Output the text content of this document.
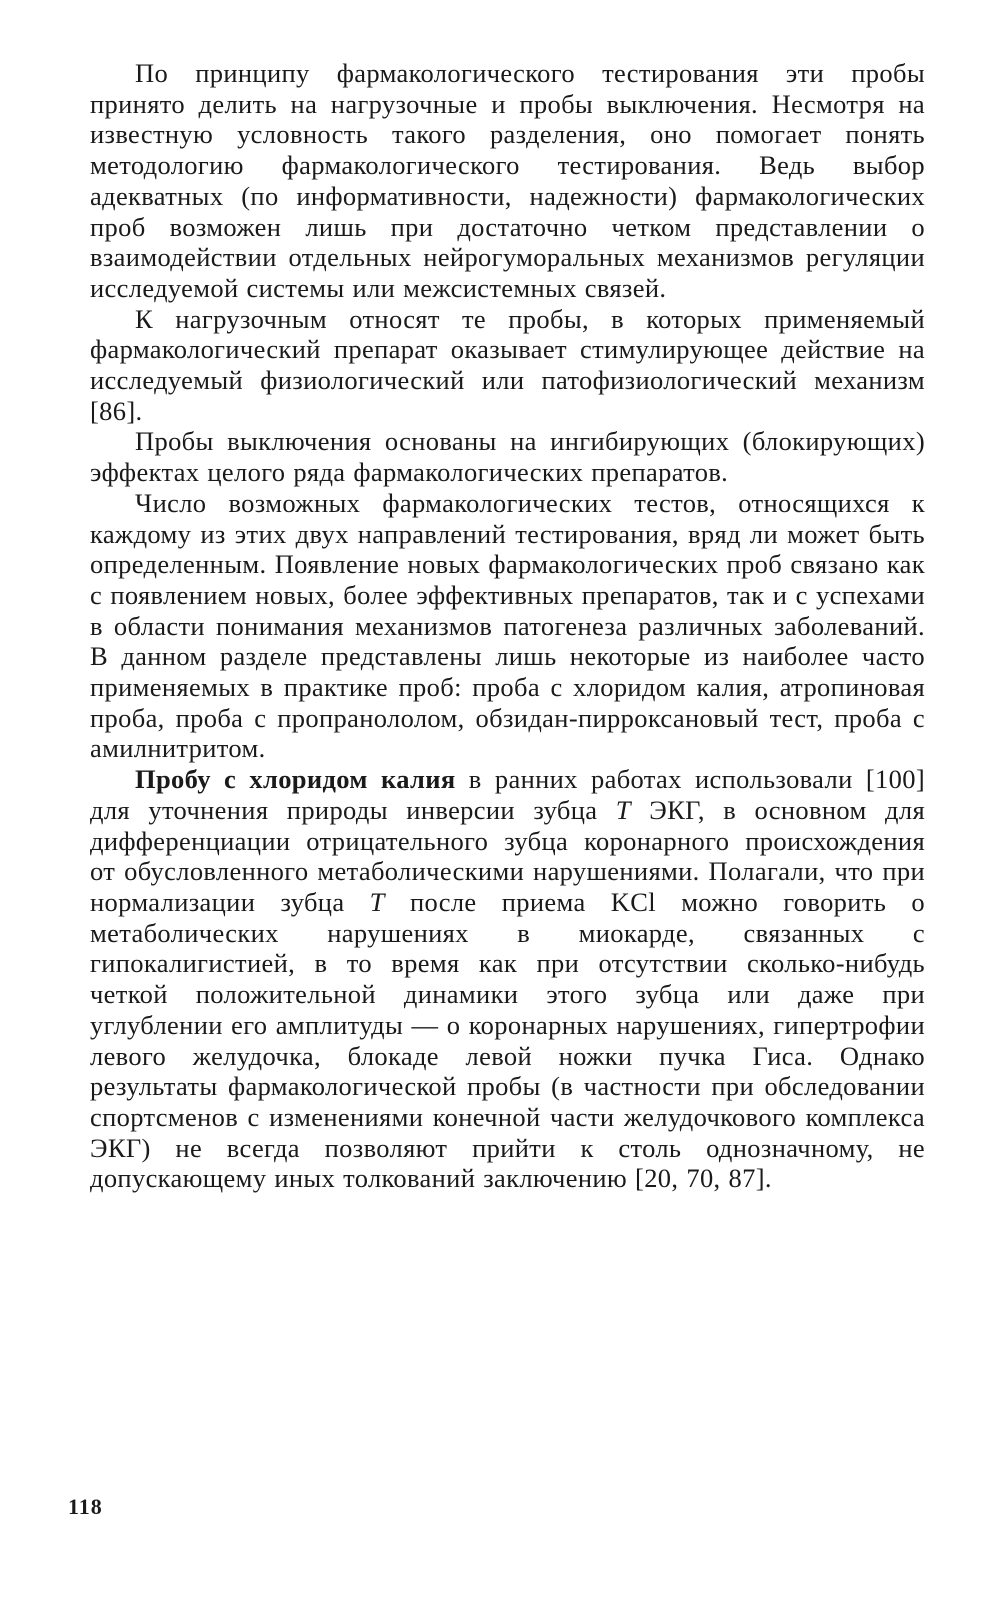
По принципу фармакологического тестирования эти пробы принято делить на нагрузочные и пробы выключения. Несмотря на известную условность такого разделения, оно помогает понять методологию фармакологического тестирования. Ведь выбор адекватных (по информативности, надежности) фармакологических проб возможен лишь при достаточно четком представлении о взаимодействии отдельных нейрогуморальных механизмов регуляции исследуемой системы или межсистемных связей.

К нагрузочным относят те пробы, в которых применяемый фармакологический препарат оказывает стимулирующее действие на исследуемый физиологический или патофизиологический механизм [86].

Пробы выключения основаны на ингибирующих (блокирующих) эффектах целого ряда фармакологических препаратов.

Число возможных фармакологических тестов, относящихся к каждому из этих двух направлений тестирования, вряд ли может быть определенным. Появление новых фармакологических проб связано как с появлением новых, более эффективных препаратов, так и с успехами в области понимания механизмов патогенеза различных заболеваний. В данном разделе представлены лишь некоторые из наиболее часто применяемых в практике проб: проба с хлоридом калия, атропиновая проба, проба с пропранололом, обзидан-пирроксановый тест, проба с амилнитритом.

Пробу с хлоридом калия в ранних работах использовали [100] для уточнения природы инверсии зубца T ЭКГ, в основном для дифференциации отрицательного зубца коронарного происхождения от обусловленного метаболическими нарушениями. Полагали, что при нормализации зубца T после приема KCl можно говорить о метаболических нарушениях в миокарде, связанных с гипокалигистией, в то время как при отсутствии сколько-нибудь четкой положительной динамики этого зубца или даже при углублении его амплитуды — о коронарных нарушениях, гипертрофии левого желудочка, блокаде левой ножки пучка Гиса. Однако результаты фармакологической пробы (в частности при обследовании спортсменов с изменениями конечной части желудочкового комплекса ЭКГ) не всегда позволяют прийти к столь однозначному, не допускающему иных толкований заключению [20, 70, 87].

118
